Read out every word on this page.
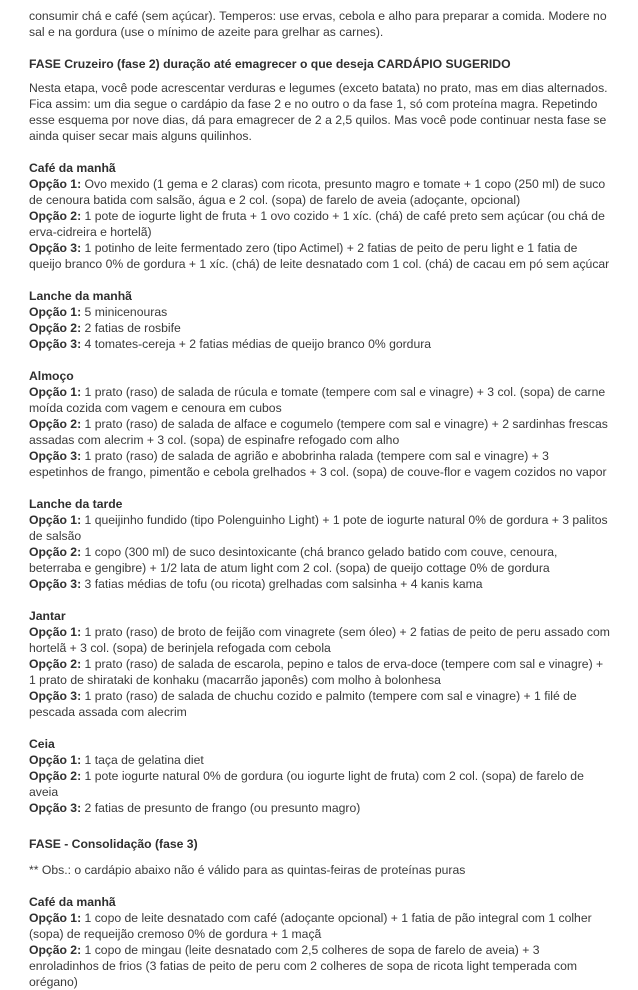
consumir chá e café (sem açúcar). Temperos: use ervas, cebola e alho para preparar a comida. Modere no sal e na gordura (use o mínimo de azeite para grelhar as carnes).

FASE Cruzeiro (fase 2) duração até emagrecer o que deseja CARDÁPIO SUGERIDO

Nesta etapa, você pode acrescentar verduras e legumes (exceto batata) no prato, mas em dias alternados. Fica assim: um dia segue o cardápio da fase 2 e no outro o da fase 1, só com proteína magra. Repetindo esse esquema por nove dias, dá para emagrecer de 2 a 2,5 quilos. Mas você pode continuar nesta fase se ainda quiser secar mais alguns quilinhos.

Café da manhã

Opção 1: Ovo mexido (1 gema e 2 claras) com ricota, presunto magro e tomate + 1 copo (250 ml) de suco de cenoura batida com salsão, água e 2 col. (sopa) de farelo de aveia (adoçante, opcional)

Opção 2: 1 pote de iogurte light de fruta + 1 ovo cozido + 1 xíc. (chá) de café preto sem açúcar (ou chá de erva-cidreira e hortelã)

Opção 3: 1 potinho de leite fermentado zero (tipo Actimel) + 2 fatias de peito de peru light e 1 fatia de queijo branco 0% de gordura + 1 xíc. (chá) de leite desnatado com 1 col. (chá) de cacau em pó sem açúcar

Lanche da manhã

Opção 1: 5 minicenouras

Opção 2: 2 fatias de rosbife

Opção 3: 4 tomates-cereja + 2 fatias médias de queijo branco 0% gordura

Almoço

Opção 1: 1 prato (raso) de salada de rúcula e tomate (tempere com sal e vinagre) + 3 col. (sopa) de carne moída cozida com vagem e cenoura em cubos

Opção 2: 1 prato (raso) de salada de alface e cogumelo (tempere com sal e vinagre) + 2 sardinhas frescas assadas com alecrim + 3 col. (sopa) de espinafre refogado com alho

Opção 3: 1 prato (raso) de salada de agrião e abobrinha ralada (tempere com sal e vinagre) + 3 espetinhos de frango, pimentão e cebola grelhados + 3 col. (sopa) de couve-flor e vagem cozidos no vapor

Lanche da tarde

Opção 1: 1 queijinho fundido (tipo Polenguinho Light) + 1 pote de iogurte natural 0% de gordura + 3 palitos de salsão

Opção 2: 1 copo (300 ml) de suco desintoxicante (chá branco gelado batido com couve, cenoura, beterraba e gengibre) + 1/2 lata de atum light com 2 col. (sopa) de queijo cottage 0% de gordura

Opção 3: 3 fatias médias de tofu (ou ricota) grelhadas com salsinha + 4 kanis kama

Jantar

Opção 1: 1 prato (raso) de broto de feijão com vinagrete (sem óleo) + 2 fatias de peito de peru assado com hortelã + 3 col. (sopa) de berinjela refogada com cebola

Opção 2: 1 prato (raso) de salada de escarola, pepino e talos de erva-doce (tempere com sal e vinagre) + 1 prato de shirataki de konhaku (macarrão japonês) com molho à bolonhesa

Opção 3: 1 prato (raso) de salada de chuchu cozido e palmito (tempere com sal e vinagre) + 1 filé de pescada assada com alecrim

Ceia

Opção 1: 1 taça de gelatina diet

Opção 2: 1 pote iogurte natural 0% de gordura (ou iogurte light de fruta) com 2 col. (sopa) de farelo de aveia

Opção 3: 2 fatias de presunto de frango (ou presunto magro)

FASE - Consolidação (fase 3)

** Obs.: o cardápio abaixo não é válido para as quintas-feiras de proteínas puras

Café da manhã

Opção 1: 1 copo de leite desnatado com café (adoçante opcional) + 1 fatia de pão integral com 1 colher (sopa) de requeijão cremoso 0% de gordura + 1 maçã

Opção 2: 1 copo de mingau (leite desnatado com 2,5 colheres de sopa de farelo de aveia) + 3 enroladinhos de frios (3 fatias de peito de peru com 2 colheres de sopa de ricota light temperada com orégano)
